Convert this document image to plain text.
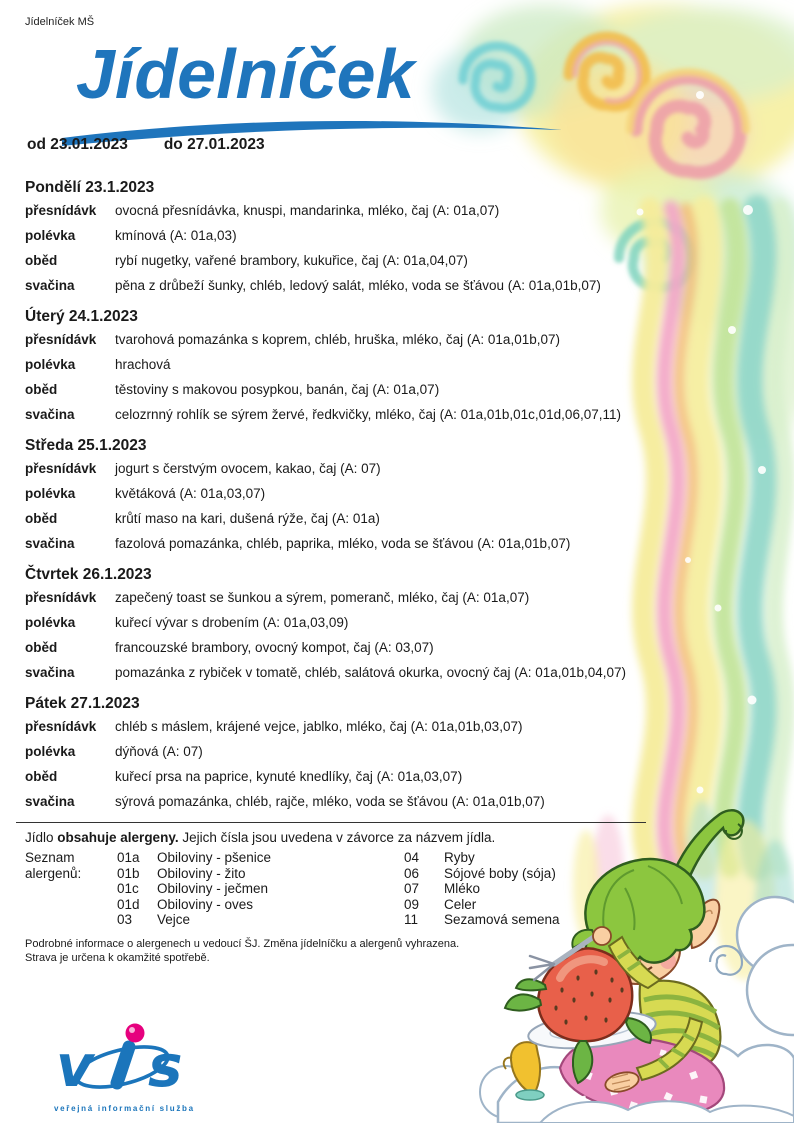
Jídelníček MŠ
Jídelníček
od 23.01.2023 do 27.01.2023
Pondělí 23.1.2023
přesnídávk	ovocná přesnídávka, knuspi, mandarinka, mléko, čaj (A: 01a,07)
polévka	kmínová (A: 01a,03)
oběd	rybí nugetky, vařené brambory, kukuřice, čaj (A: 01a,04,07)
svačina	pěna z drůbeží šunky, chléb, ledový salát, mléko, voda se šťávou (A: 01a,01b,07)
Úterý 24.1.2023
přesnídávk	tvarohová pomazánka s koprem, chléb, hruška, mléko, čaj (A: 01a,01b,07)
polévka	hrachová
oběd	těstoviny s makovou posypkou, banán, čaj (A: 01a,07)
svačina	celozrnný rohlík se sýrem žervé, ředkvičky, mléko, čaj (A: 01a,01b,01c,01d,06,07,11)
Středa 25.1.2023
přesnídávk	jogurt s čerstvým ovocem, kakao, čaj (A: 07)
polévka	květáková (A: 01a,03,07)
oběd	krůtí maso na kari, dušená rýže, čaj (A: 01a)
svačina	fazolová pomazánka, chléb, paprika, mléko, voda se šťávou (A: 01a,01b,07)
Čtvrtek 26.1.2023
přesnídávk	zapečený toast se šunkou a sýrem, pomeranč, mléko, čaj (A: 01a,07)
polévka	kuřecí vývar s drobením (A: 01a,03,09)
oběd	francouzské brambory, ovocný kompot, čaj (A: 03,07)
svačina	pomazánka z rybiček v tomatě, chléb, salátová okurka, ovocný čaj (A: 01a,01b,04,07)
Pátek 27.1.2023
přesnídávk	chléb s máslem, krájené vejce, jablko, mléko, čaj (A: 01a,01b,03,07)
polévka	dýňová (A: 07)
oběd	kuřecí prsa na paprice, kynuté knedlíky, čaj (A: 01a,03,07)
svačina	sýrová pomazánka, chléb, rajče, mléko, voda se šťávou (A: 01a,01b,07)
Jídlo obsahuje alergeny. Jejich čísla jsou uvedena v závorce za názvem jídla.
Seznam alergenů:
01a	Obiloviny - pšenice
01b	Obiloviny - žito
01c	Obiloviny - ječmen
01d	Obiloviny - oves
03	Vejce
04	Ryby
06	Sójové boby (sója)
07	Mléko
09	Celer
11	Sezamová semena
Podrobné informace o alergenech u vedoucí ŠJ. Změna jídelníčku a alergenů vyhrazena.
Strava je určena k okamžité spotřebě.
v s
veřejná informační služba
